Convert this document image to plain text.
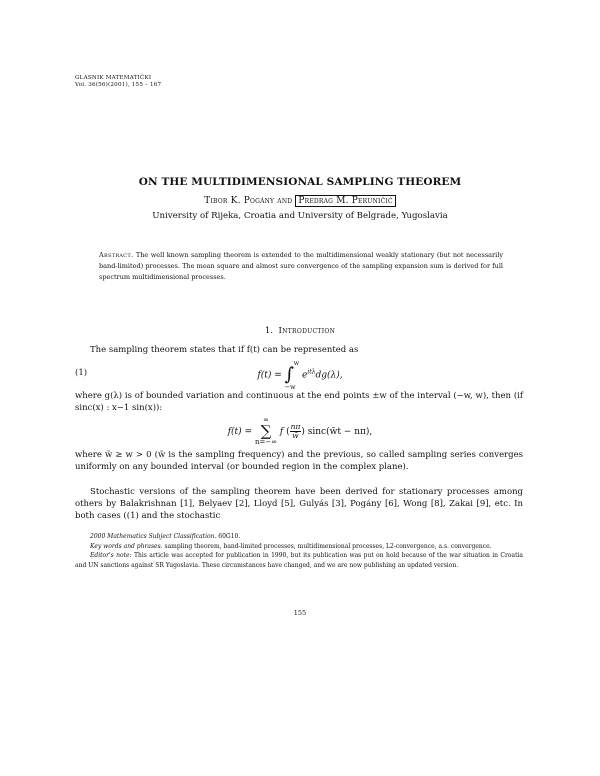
GLASNIK MATEMATIČKI
Vol. 36(56)(2001), 155 – 167
ON THE MULTIDIMENSIONAL SAMPLING THEOREM
Tibor K. Pogány and Predrag M. Peruničić
University of Rijeka, Croatia and University of Belgrade, Yugoslavia
Abstract. The well known sampling theorem is extended to the multidimensional weakly stationary (but not necessarily band-limited) processes. The mean square and almost sure convergence of the sampling expansion sum is derived for full spectrum multidimensional processes.
1. Introduction
The sampling theorem states that if f(t) can be represented as
(1)	f(t) =
w
∫
−w
$e^{it\lambda}dg(\lambda)$,
where g(λ) is of bounded variation and continuous at the end points ±w of the interval (−w, w), then (if sinc(x) : x−1 sin(x)):
f(t) =
∞
∑
n=−∞
f ( $\frac{n\pi}{w̃}$ ) sinc(w̃t − nπ),
where w̃ ≥ w > 0 (w̃ is the sampling frequency) and the previous, so called sampling series converges uniformly on any bounded interval (or bounded region in the complex plane).
Stochastic versions of the sampling theorem have been derived for stationary processes among others by Balakrishnan [1], Belyaev [2], Lloyd [5], Gulyás [3], Pogány [6], Wong [8], Zakai [9], etc. In both cases ((1) and the stochastic
2000 Mathematics Subject Classification. 60G10.
Key words and phrases. sampling theorem, band-limited processes, multidimensional processes, L2-convergence, a.s. convergence.
Editor's note: This article was accepted for publication in 1990, but its publication was put on hold because of the war situation in Croatia and UN sanctions against SR Yugoslavia. These circumstances have changed, and we are now publishing an updated version.
155
